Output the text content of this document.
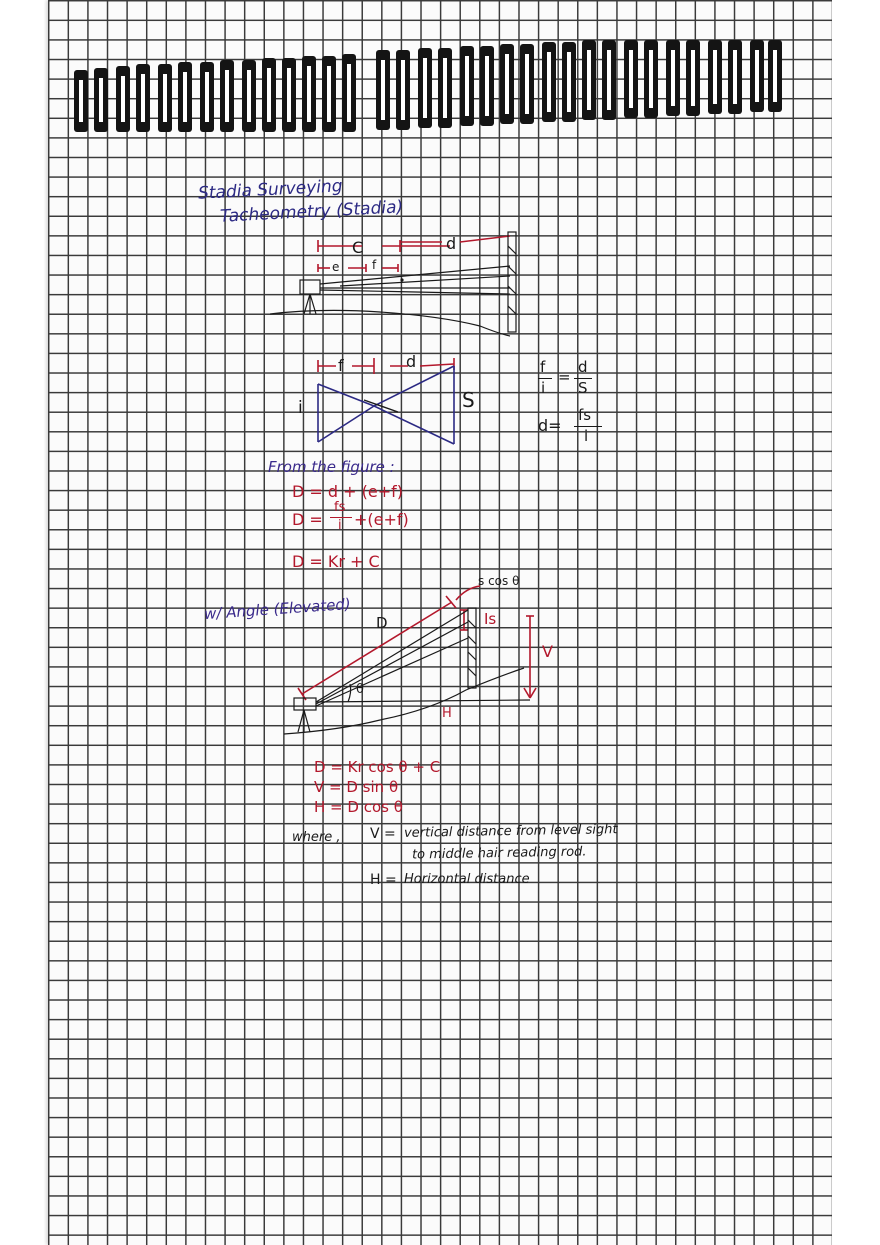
Stadia Surveying
Tacheometry (Stadia)
C	d
e	f
f	d
i	S
f
i
=
d
S
d=
fs
i
From the figure :
D = d + (e+f)
D =
fs
i +(e+f)
D = Kr + C
w/ Angle (Elevated)
s cos θ
D	Is
V
θ
H
D = Kr cos θ + C
V = D sin θ
H = D cos θ
where , V = vertical distance from level sight
to middle hair reading rod.
H = Horizontal distance
